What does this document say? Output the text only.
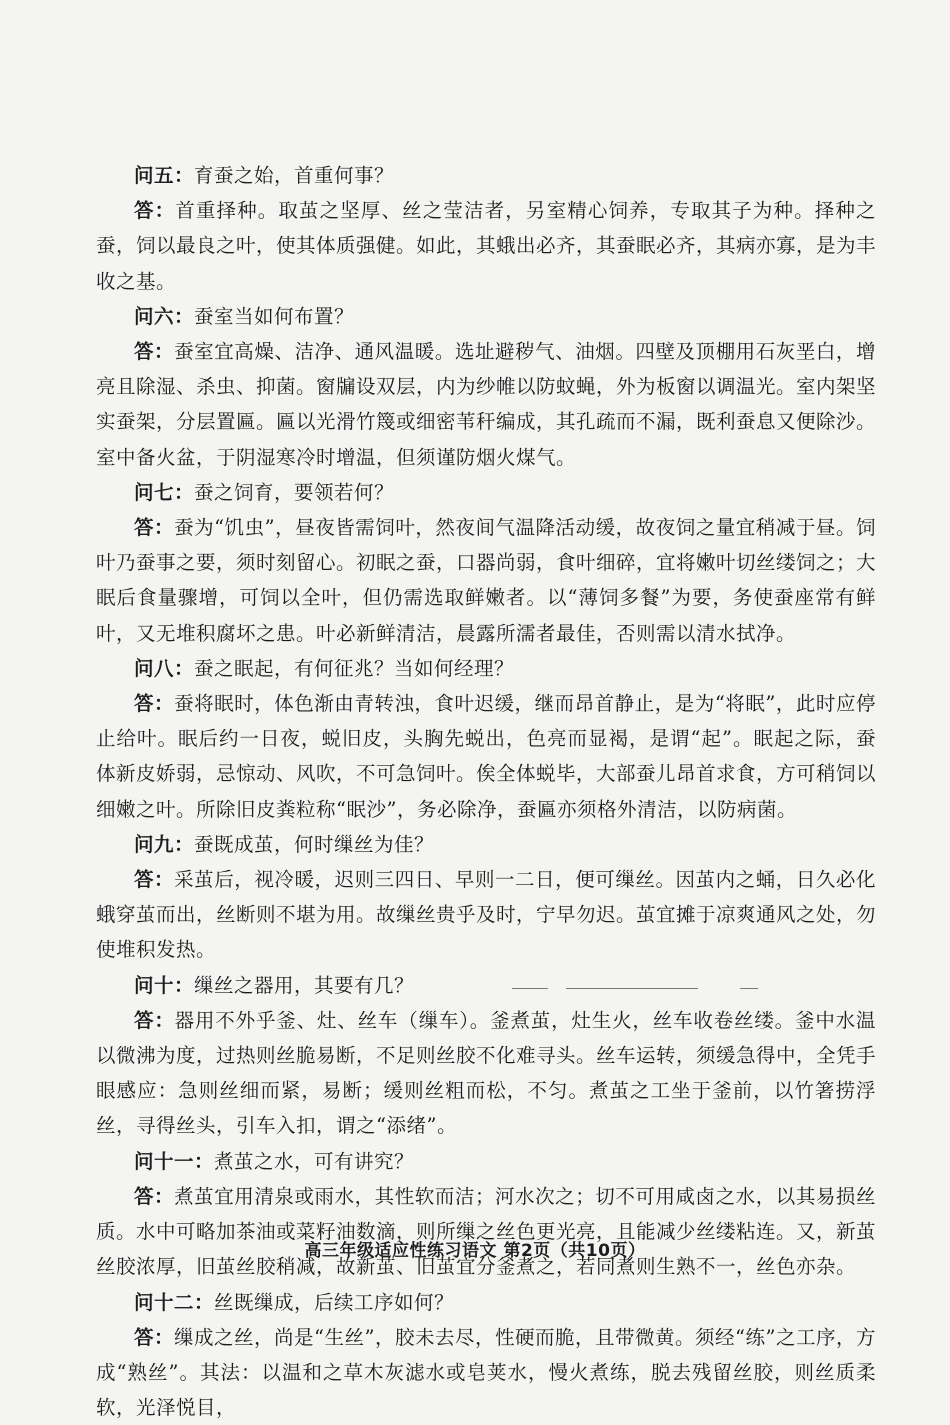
问五：育蚕之始，首重何事？

答：首重择种。取茧之坚厚、丝之莹洁者，另室精心饲养，专取其子为种。择种之蚕，饲以最良之叶，使其体质强健。如此，其蛾出必齐，其蚕眠必齐，其病亦寡，是为丰收之基。

问六：蚕室当如何布置？

答：蚕室宜高燥、洁净、通风温暖。选址避秽气、油烟。四壁及顶棚用石灰垩白，增亮且除湿、杀虫、抑菌。窗牖设双层，内为纱帷以防蚊蝇，外为板窗以调温光。室内架坚实蚕架，分层置匾。匾以光滑竹篾或细密苇秆编成，其孔疏而不漏，既利蚕息又便除沙。室中备火盆，于阴湿寒冷时增温，但须谨防烟火煤气。

问七：蚕之饲育，要领若何？

答：蚕为“饥虫”，昼夜皆需饲叶，然夜间气温降活动缓，故夜饲之量宜稍减于昼。饲叶乃蚕事之要，须时刻留心。初眠之蚕，口器尚弱，食叶细碎，宜将嫩叶切丝缕饲之；大眠后食量骤增，可饲以全叶，但仍需选取鲜嫩者。以“薄饲多餐”为要，务使蚕座常有鲜叶，又无堆积腐坏之患。叶必新鲜清洁，晨露所濡者最佳，否则需以清水拭净。

问八：蚕之眠起，有何征兆？当如何经理？

答：蚕将眠时，体色渐由青转浊，食叶迟缓，继而昂首静止，是为“将眠”，此时应停止给叶。眠后约一日夜，蜕旧皮，头胸先蜕出，色亮而显褐，是谓“起”。眠起之际，蚕体新皮娇弱，忌惊动、风吹，不可急饲叶。俟全体蜕毕，大部蚕儿昂首求食，方可稍饲以细嫩之叶。所除旧皮粪粒称“眠沙”，务必除净，蚕匾亦须格外清洁，以防病菌。

问九：蚕既成茧，何时缫丝为佳？

答：采茧后，视冷暖，迟则三四日、早则一二日，便可缫丝。因茧内之蛹，日久必化蛾穿茧而出，丝断则不堪为用。故缫丝贵乎及时，宁早勿迟。茧宜摊于凉爽通风之处，勿使堆积发热。

问十：缫丝之器用，其要有几？

答：器用不外乎釜、灶、丝车（缫车）。釜煮茧，灶生火，丝车收卷丝缕。釜中水温以微沸为度，过热则丝脆易断，不足则丝胶不化难寻头。丝车运转，须缓急得中，全凭手眼感应：急则丝细而紧，易断；缓则丝粗而松，不匀。煮茧之工坐于釜前，以竹箸捞浮丝，寻得丝头，引车入扣，谓之“添绪”。

问十一：煮茧之水，可有讲究？

答：煮茧宜用清泉或雨水，其性软而洁；河水次之；切不可用咸卤之水，以其易损丝质。水中可略加茶油或菜籽油数滴，则所缫之丝色更光亮，且能减少丝缕粘连。又，新茧丝胶浓厚，旧茧丝胶稍减，故新茧、旧茧宜分釜煮之，若同煮则生熟不一，丝色亦杂。

问十二：丝既缫成，后续工序如何？

答：缫成之丝，尚是“生丝”，胶未去尽，性硬而脆，且带微黄。须经“练”之工序，方成“熟丝”。其法：以温和之草木灰滤水或皂荚水，慢火煮练，脱去残留丝胶，则丝质柔软，光泽悦目，

高三年级适应性练习语文 第2页（共10页）
